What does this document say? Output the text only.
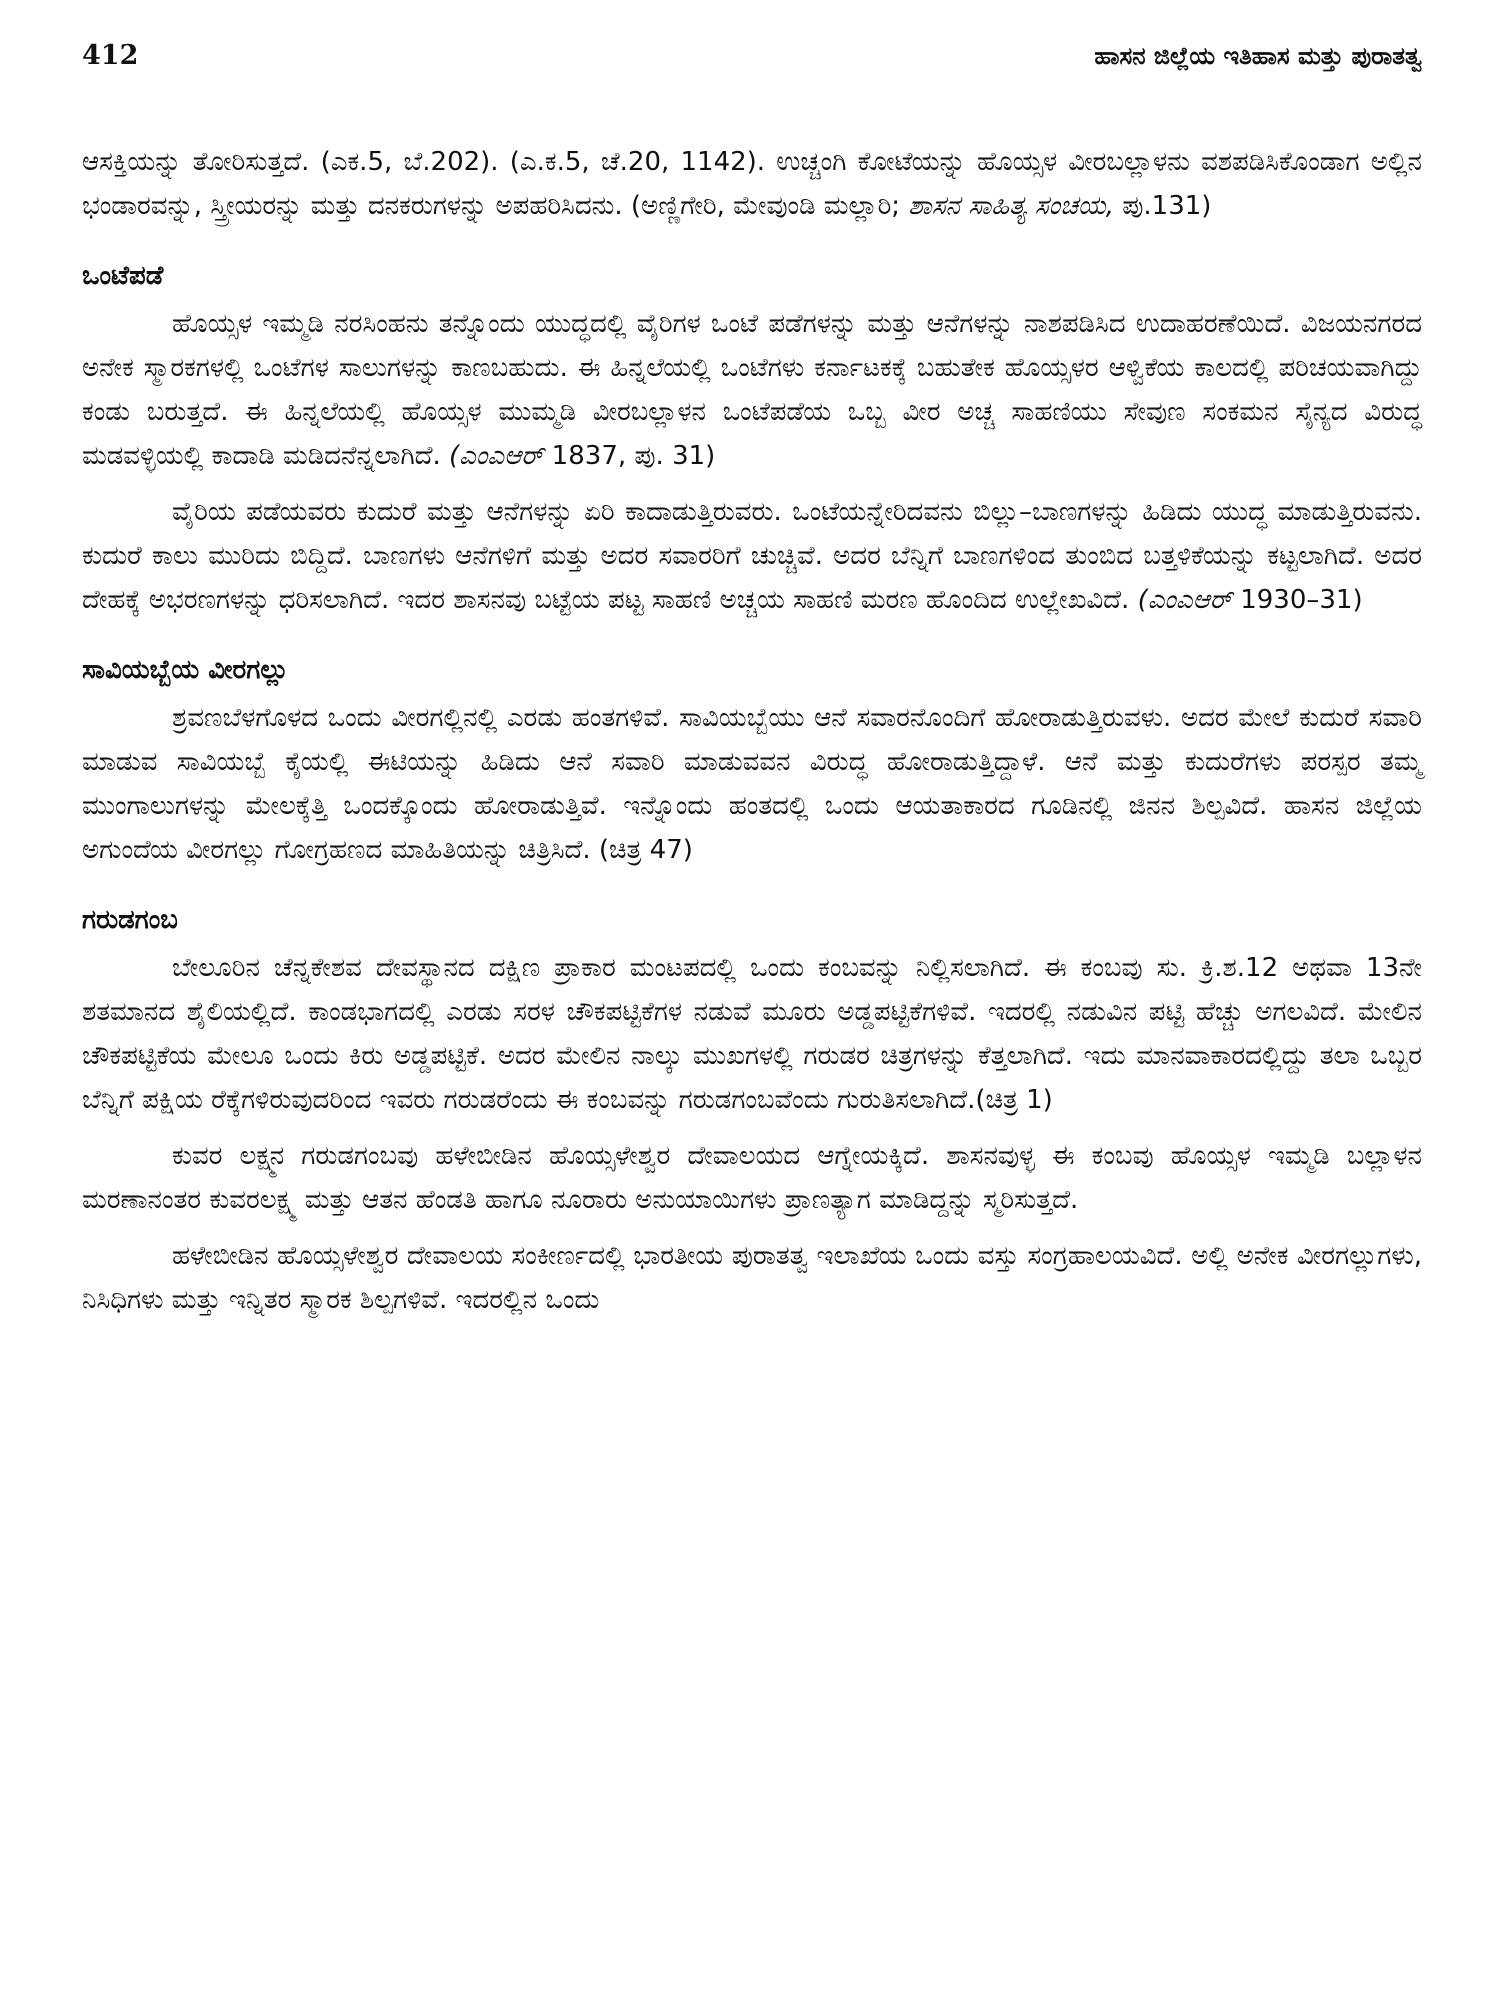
412	ಹಾಸನ ಜಿಲ್ಲೆಯ ಇತಿಹಾಸ ಮತ್ತು ಪುರಾತತ್ವ

ಆಸಕ್ತಿಯನ್ನು ತೋರಿಸುತ್ತದೆ. (ಎಕ.5, ಬೆ.202). (ಎ.ಕ.5, ಚೆ.20, 1142). ಉಚ್ಚಂಗಿ ಕೋಟೆಯನ್ನು ಹೊಯ್ಸಳ ವೀರಬಲ್ಲಾಳನು ವಶಪಡಿಸಿಕೊಂಡಾಗ ಅಲ್ಲಿನ ಭಂಡಾರವನ್ನು, ಸ್ತ್ರೀಯರನ್ನು ಮತ್ತು ದನಕರುಗಳನ್ನು ಅಪಹರಿಸಿದನು. (ಅಣ್ಣಿಗೇರಿ, ಮೇವುಂಡಿ ಮಲ್ಲಾರಿ; ಶಾಸನ ಸಾಹಿತ್ಯ ಸಂಚಯ, ಪು.131)

ಒಂಟೆಪಡೆ

ಹೊಯ್ಸಳ ಇಮ್ಮಡಿ ನರಸಿಂಹನು ತನ್ನೊಂದು ಯುದ್ಧದಲ್ಲಿ ವೈರಿಗಳ ಒಂಟೆ ಪಡೆಗಳನ್ನು ಮತ್ತು ಆನೆಗಳನ್ನು ನಾಶಪಡಿಸಿದ ಉದಾಹರಣೆಯಿದೆ. ವಿಜಯನಗರದ ಅನೇಕ ಸ್ಮಾರಕಗಳಲ್ಲಿ ಒಂಟೆಗಳ ಸಾಲುಗಳನ್ನು ಕಾಣಬಹುದು. ಈ ಹಿನ್ನಲೆಯಲ್ಲಿ ಒಂಟೆಗಳು ಕರ್ನಾಟಕಕ್ಕೆ ಬಹುತೇಕ ಹೊಯ್ಸಳರ ಆಳ್ವಿಕೆಯ ಕಾಲದಲ್ಲಿ ಪರಿಚಯವಾಗಿದ್ದು ಕಂಡು ಬರುತ್ತದೆ. ಈ ಹಿನ್ನಲೆಯಲ್ಲಿ ಹೊಯ್ಸಳ ಮುಮ್ಮಡಿ ವೀರಬಲ್ಲಾಳನ ಒಂಟೆಪಡೆಯ ಒಬ್ಬ ವೀರ ಅಚ್ಚ ಸಾಹಣಿಯು ಸೇವುಣ ಸಂಕಮನ ಸೈನ್ಯದ ವಿರುದ್ಧ ಮಡವಳ್ಳಿಯಲ್ಲಿ ಕಾದಾಡಿ ಮಡಿದನೆನ್ನಲಾಗಿದೆ. (ಎಂಎಆರ್ 1837, ಪು. 31)

ವೈರಿಯ ಪಡೆಯವರು ಕುದುರೆ ಮತ್ತು ಆನೆಗಳನ್ನು ಏರಿ ಕಾದಾಡುತ್ತಿರುವರು. ಒಂಟೆಯನ್ನೇರಿದವನು ಬಿಲ್ಲು–ಬಾಣಗಳನ್ನು ಹಿಡಿದು ಯುದ್ಧ ಮಾಡುತ್ತಿರುವನು. ಕುದುರೆ ಕಾಲು ಮುರಿದು ಬಿದ್ದಿದೆ. ಬಾಣಗಳು ಆನೆಗಳಿಗೆ ಮತ್ತು ಅದರ ಸವಾರರಿಗೆ ಚುಚ್ಚಿವೆ. ಅದರ ಬೆನ್ನಿಗೆ ಬಾಣಗಳಿಂದ ತುಂಬಿದ ಬತ್ತಳಿಕೆಯನ್ನು ಕಟ್ಟಲಾಗಿದೆ. ಅದರ ದೇಹಕ್ಕೆ ಅಭರಣಗಳನ್ನು ಧರಿಸಲಾಗಿದೆ. ಇದರ ಶಾಸನವು ಬಟ್ಟೆಯ ಪಟ್ಟ ಸಾಹಣಿ ಅಚ್ಚಯ ಸಾಹಣಿ ಮರಣ ಹೊಂದಿದ ಉಲ್ಲೇಖವಿದೆ. (ಎಂಎಆರ್ 1930–31)

ಸಾವಿಯಬ್ಬೆಯ ವೀರಗಲ್ಲು

ಶ್ರವಣಬೆಳಗೊಳದ ಒಂದು ವೀರಗಲ್ಲಿನಲ್ಲಿ ಎರಡು ಹಂತಗಳಿವೆ. ಸಾವಿಯಬ್ಬೆಯು ಆನೆ ಸವಾರನೊಂದಿಗೆ ಹೋರಾಡುತ್ತಿರುವಳು. ಅದರ ಮೇಲೆ ಕುದುರೆ ಸವಾರಿ ಮಾಡುವ ಸಾವಿಯಬ್ಬೆ ಕೈಯಲ್ಲಿ ಈಟಿಯನ್ನು ಹಿಡಿದು ಆನೆ ಸವಾರಿ ಮಾಡುವವನ ವಿರುದ್ಧ ಹೋರಾಡುತ್ತಿದ್ದಾಳೆ. ಆನೆ ಮತ್ತು ಕುದುರೆಗಳು ಪರಸ್ಪರ ತಮ್ಮ ಮುಂಗಾಲುಗಳನ್ನು ಮೇಲಕ್ಕೆತ್ತಿ ಒಂದಕ್ಕೊಂದು ಹೋರಾಡುತ್ತಿವೆ. ಇನ್ನೊಂದು ಹಂತದಲ್ಲಿ ಒಂದು ಆಯತಾಕಾರದ ಗೂಡಿನಲ್ಲಿ ಜಿನನ ಶಿಲ್ಪವಿದೆ. ಹಾಸನ ಜಿಲ್ಲೆಯ ಅಗುಂದೆಯ ವೀರಗಲ್ಲು ಗೋಗ್ರಹಣದ ಮಾಹಿತಿಯನ್ನು ಚಿತ್ರಿಸಿದೆ. (ಚಿತ್ರ 47)

ಗರುಡಗಂಬ

ಬೇಲೂರಿನ ಚೆನ್ನಕೇಶವ ದೇವಸ್ಥಾನದ ದಕ್ಷಿಣ ಪ್ರಾಕಾರ ಮಂಟಪದಲ್ಲಿ ಒಂದು ಕಂಬವನ್ನು ನಿಲ್ಲಿಸಲಾಗಿದೆ. ಈ ಕಂಬವು ಸು. ಕ್ರಿ.ಶ.12 ಅಥವಾ 13ನೇ ಶತಮಾನದ ಶೈಲಿಯಲ್ಲಿದೆ. ಕಾಂಡಭಾಗದಲ್ಲಿ ಎರಡು ಸರಳ ಚೌಕಪಟ್ಟಿಕೆಗಳ ನಡುವೆ ಮೂರು ಅಡ್ಡಪಟ್ಟಿಕೆಗಳಿವೆ. ಇದರಲ್ಲಿ ನಡುವಿನ ಪಟ್ಟಿ ಹೆಚ್ಚು ಅಗಲವಿದೆ. ಮೇಲಿನ ಚೌಕಪಟ್ಟಿಕೆಯ ಮೇಲೂ ಒಂದು ಕಿರು ಅಡ್ಡಪಟ್ಟಿಕೆ. ಅದರ ಮೇಲಿನ ನಾಲ್ಕು ಮುಖಗಳಲ್ಲಿ ಗರುಡರ ಚಿತ್ರಗಳನ್ನು ಕೆತ್ತಲಾಗಿದೆ. ಇದು ಮಾನವಾಕಾರದಲ್ಲಿದ್ದು ತಲಾ ಒಬ್ಬರ ಬೆನ್ನಿಗೆ ಪಕ್ಷಿಯ ರೆಕ್ಕೆಗಳಿರುವುದರಿಂದ ಇವರು ಗರುಡರೆಂದು ಈ ಕಂಬವನ್ನು ಗರುಡಗಂಬವೆಂದು ಗುರುತಿಸಲಾಗಿದೆ.(ಚಿತ್ರ 1)

ಕುವರ ಲಕ್ಷ್ಮನ ಗರುಡಗಂಬವು ಹಳೇಬೀಡಿನ ಹೊಯ್ಸಳೇಶ್ವರ ದೇವಾಲಯದ ಆಗ್ನೇಯಕ್ಕಿದೆ. ಶಾಸನವುಳ್ಳ ಈ ಕಂಬವು ಹೊಯ್ಸಳ ಇಮ್ಮಡಿ ಬಲ್ಲಾಳನ ಮರಣಾನಂತರ ಕುವರಲಕ್ಷ್ಮ ಮತ್ತು ಆತನ ಹೆಂಡತಿ ಹಾಗೂ ನೂರಾರು ಅನುಯಾಯಿಗಳು ಪ್ರಾಣತ್ಯಾಗ ಮಾಡಿದ್ದನ್ನು ಸ್ಮರಿಸುತ್ತದೆ.

ಹಳೇಬೀಡಿನ ಹೊಯ್ಸಳೇಶ್ವರ ದೇವಾಲಯ ಸಂಕೀರ್ಣದಲ್ಲಿ ಭಾರತೀಯ ಪುರಾತತ್ವ ಇಲಾಖೆಯ ಒಂದು ವಸ್ತು ಸಂಗ್ರಹಾಲಯವಿದೆ. ಅಲ್ಲಿ ಅನೇಕ ವೀರಗಲ್ಲುಗಳು, ನಿಸಿಧಿಗಳು ಮತ್ತು ಇನ್ನಿತರ ಸ್ಮಾರಕ ಶಿಲ್ಪಗಳಿವೆ. ಇದರಲ್ಲಿನ ಒಂದು
